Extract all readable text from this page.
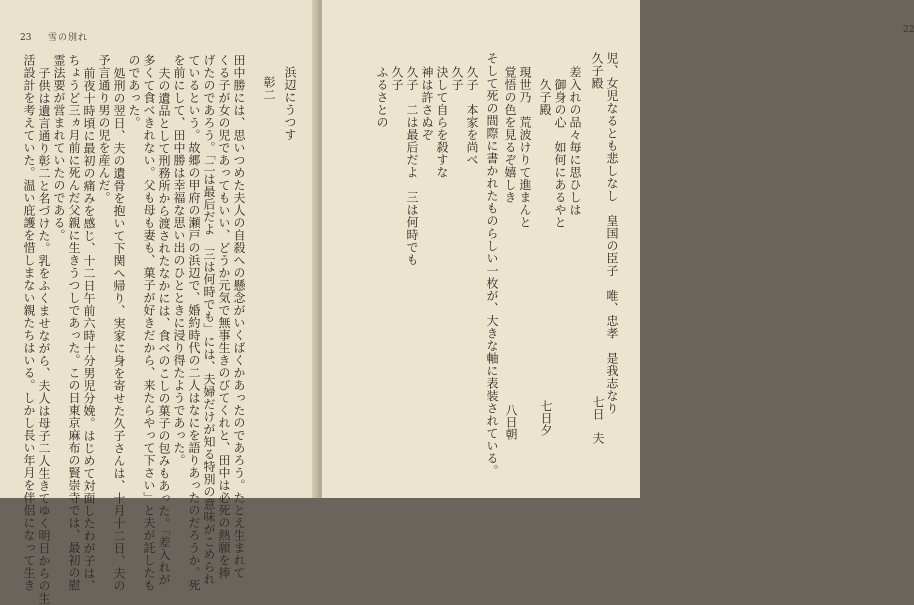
23 雪の別れ
浜辺にうつす
彰二
田中勝には、思いつめた夫人の自殺への懸念がいくばくかあったのであろう。たとえ生まれて
くる子が女の児であってもいい、どうか元気で無事生きのびてくれと、田中は必死の熱願を捧
げたのであろう。「二は最后だよ　三は何時でも」には、夫婦だけが知る特別の意味がこめられ
ているという。故郷の甲府の瀬戸の浜辺で、婚約時代の二人はなにを語りあったのだろうか。死
を前にして、田中勝は幸福な思い出のひとときに浸り得たようであった。
夫の遺品として刑務所から渡されたなかには、食べのこしの菓子の包みもあった。「差入れが
多くて食べきれない。父も母も妻も、菓子が好きだから、来たらやって下さい」と夫が託したも
のであった。
処刑の翌日、夫の遺骨を抱いて下関へ帰り、実家に身を寄せた久子さんは、十月十二日、夫の
予言通り男の児を産んだ。
前夜十時頃に最初の痛みを感じ、十二日午前六時十分男児分娩。はじめて対面したわが子は、
ちょうど三ヵ月前に死んだ父親に生きうつしであった。この日東京麻布の賢崇寺では、最初の慰
霊法要が営まれていたのである。
子供は遺言通り彰二と名づけた。乳をふくませながら、夫人は母子二人生きてゆく明日からの生
活設計を考えていた。温い庇護を惜しまない親たちはいる。しかし長い年月を伴侶になって生き
22
児、女児なるとも悲しなし　皇国の臣子　唯、忠孝　是我志なり
久子殿
差入れの品々毎に思ひしは
　御身の心　如何にあるやと
　久子殿
現世乃　荒波けりて進まんと
覚悟の色を見るぞ嬉しき
そして死の間際に書かれたものらしい一枚が、大きな軸に表装されている。
久子　本家を尚べ
久子
決して自らを殺すな
神は許さぬぞ
久子　二は最后だよ　三は何時でも
久子
ふるさとの
七日　夫
七日夕
八日朝
